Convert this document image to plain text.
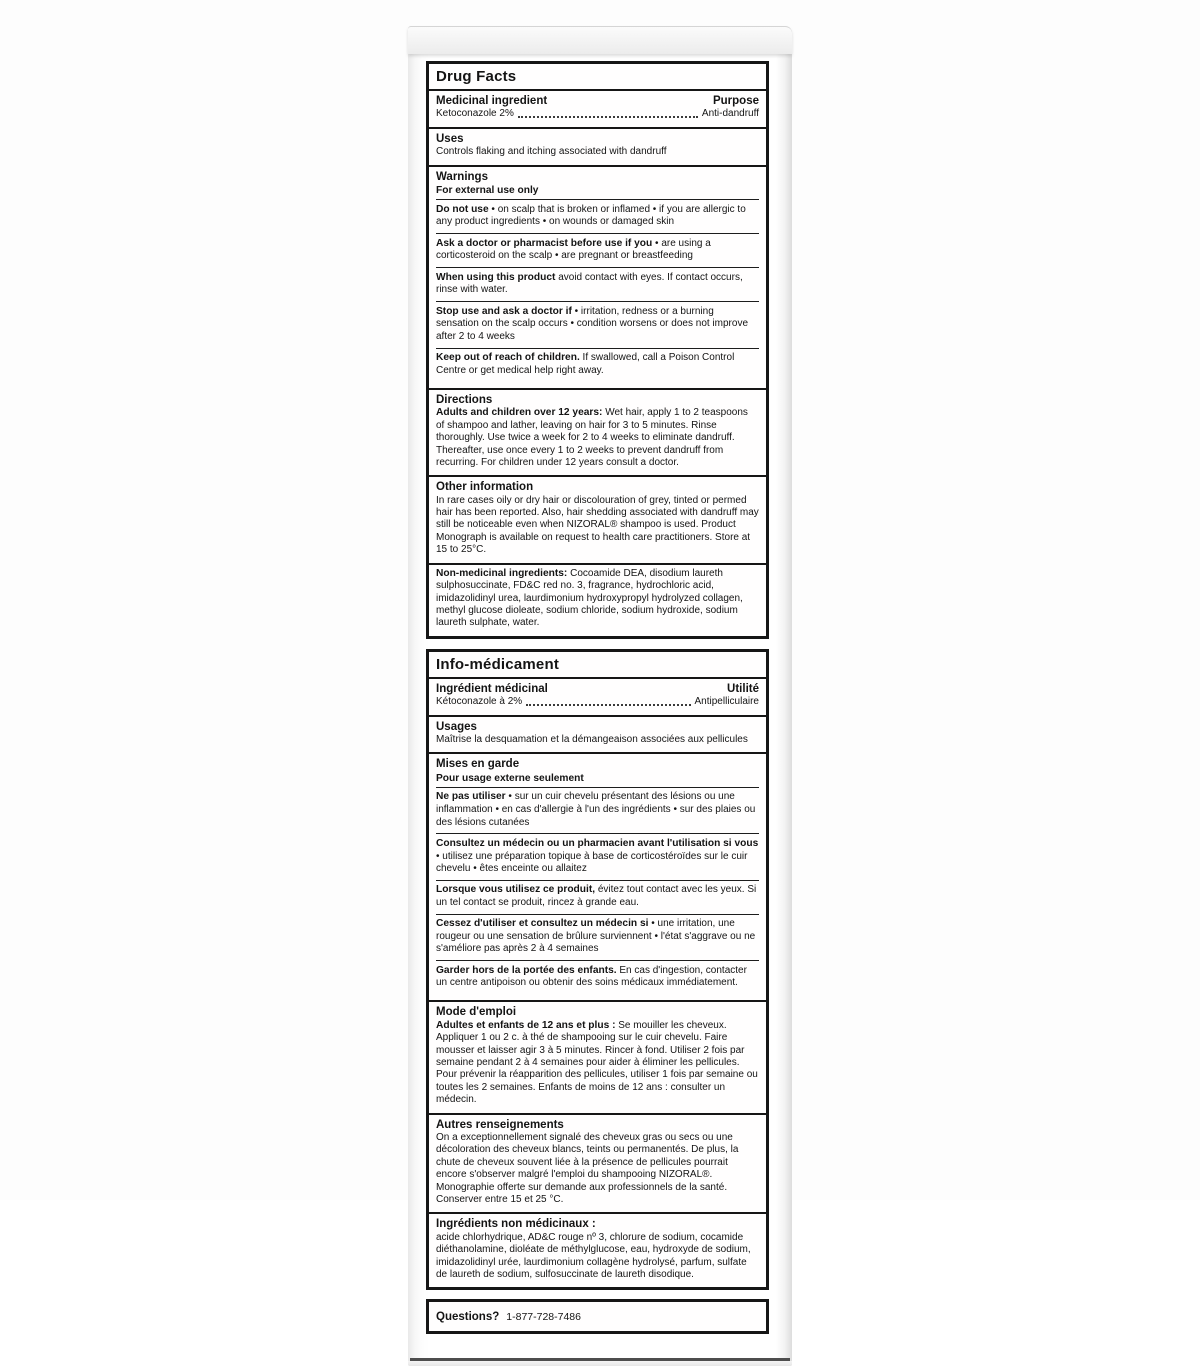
Drug Facts
Medicinal ingredient	Purpose
Ketoconazole 2%	Anti-dandruff
Uses

Controls flaking and itching associated with dandruff

Warnings
For external use only

Do not use • on scalp that is broken or inflamed • if you are allergic to any product ingredients • on wounds or damaged skin

Ask a doctor or pharmacist before use if you • are using a corticosteroid on the scalp • are pregnant or breastfeeding

When using this product avoid contact with eyes. If contact occurs, rinse with water.

Stop use and ask a doctor if • irritation, redness or a burning sensation on the scalp occurs • condition worsens or does not improve after 2 to 4 weeks

Keep out of reach of children. If swallowed, call a Poison Control Centre or get medical help right away.

Directions

Adults and children over 12 years: Wet hair, apply 1 to 2 teaspoons of shampoo and lather, leaving on hair for 3 to 5 minutes. Rinse thoroughly. Use twice a week for 2 to 4 weeks to eliminate dandruff. Thereafter, use once every 1 to 2 weeks to prevent dandruff from recurring. For children under 12 years consult a doctor.

Other information

In rare cases oily or dry hair or discolouration of grey, tinted or permed hair has been reported. Also, hair shedding associated with dandruff may still be noticeable even when NIZORAL® shampoo is used. Product Monograph is available on request to health care practitioners. Store at 15 to 25°C.

Non-medicinal ingredients: Cocoamide DEA, disodium laureth sulphosuccinate, FD&C red no. 3, fragrance, hydrochloric acid, imidazolidinyl urea, laurdimonium hydroxypropyl hydrolyzed collagen, methyl glucose dioleate, sodium chloride, sodium hydroxide, sodium laureth sulphate, water.

Info-médicament
Ingrédient médicinal	Utilité
Kétoconazole à 2%	Antipelliculaire
Usages

Maîtrise la desquamation et la démangeaison associées aux pellicules

Mises en garde
Pour usage externe seulement

Ne pas utiliser • sur un cuir chevelu présentant des lésions ou une inflammation • en cas d'allergie à l'un des ingrédients • sur des plaies ou des lésions cutanées

Consultez un médecin ou un pharmacien avant l'utilisation si vous • utilisez une préparation topique à base de corticostéroïdes sur le cuir chevelu • êtes enceinte ou allaitez

Lorsque vous utilisez ce produit, évitez tout contact avec les yeux. Si un tel contact se produit, rincez à grande eau.

Cessez d'utiliser et consultez un médecin si • une irritation, une rougeur ou une sensation de brûlure surviennent • l'état s'aggrave ou ne s'améliore pas après 2 à 4 semaines

Garder hors de la portée des enfants. En cas d'ingestion, contacter un centre antipoison ou obtenir des soins médicaux immédiatement.

Mode d'emploi

Adultes et enfants de 12 ans et plus : Se mouiller les cheveux. Appliquer 1 ou 2 c. à thé de shampooing sur le cuir chevelu. Faire mousser et laisser agir 3 à 5 minutes. Rincer à fond. Utiliser 2 fois par semaine pendant 2 à 4 semaines pour aider à éliminer les pellicules. Pour prévenir la réapparition des pellicules, utiliser 1 fois par semaine ou toutes les 2 semaines. Enfants de moins de 12 ans : consulter un médecin.

Autres renseignements

On a exceptionnellement signalé des cheveux gras ou secs ou une décoloration des cheveux blancs, teints ou permanentés. De plus, la chute de cheveux souvent liée à la présence de pellicules pourrait encore s'observer malgré l'emploi du shampooing NIZORAL®. Monographie offerte sur demande aux professionnels de la santé. Conserver entre 15 et 25 °C.

Ingrédients non médicinaux :

acide chlorhydrique, AD&C rouge nº 3, chlorure de sodium, cocamide diéthanolamine, dioléate de méthylglucose, eau, hydroxyde de sodium, imidazolidinyl urée, laurdimonium collagène hydrolysé, parfum, sulfate de laureth de sodium, sulfosuccinate de laureth disodique.

Questions? 1-877-728-7486
